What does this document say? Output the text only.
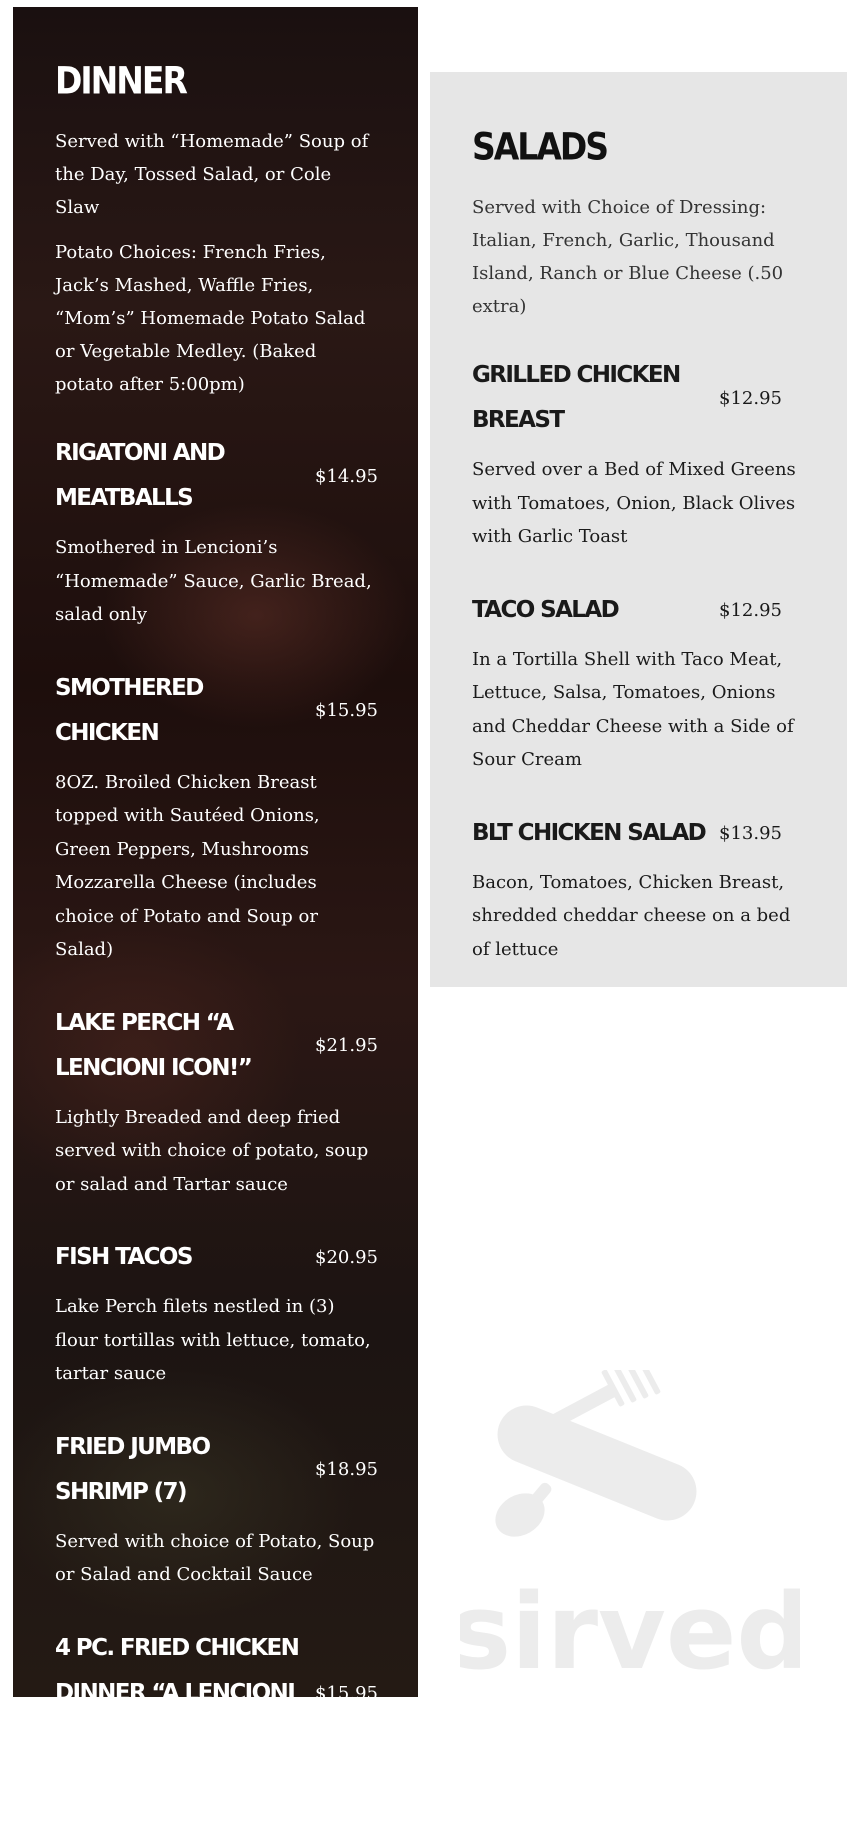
DINNER

Served with “Homemade” Soup of the Day, Tossed Salad, or Cole Slaw

Potato Choices: French Fries, Jack’s Mashed, Waffle Fries, “Mom’s” Homemade Potato Salad or Vegetable Medley. (Baked potato after 5:00pm)

RIGATONI AND MEATBALLS
$14.95
Smothered in Lencioni’s “Homemade” Sauce, Garlic Bread, salad only
SMOTHERED CHICKEN
$15.95
8OZ. Broiled Chicken Breast topped with Sautéed Onions, Green Peppers, Mushrooms Mozzarella Cheese (includes choice of Potato and Soup or Salad)
LAKE PERCH “A LENCIONI ICON!”
$21.95
Lightly Breaded and deep fried served with choice of potato, soup or salad and Tartar sauce
FISH TACOS	$20.95
Lake Perch filets nestled in (3) flour tortillas with lettuce, tomato, tartar sauce
FRIED JUMBO SHRIMP (7)
$18.95
Served with choice of Potato, Soup or Salad and Cocktail Sauce
4 PC. FRIED CHICKEN DINNER “A LENCIONI SPECIALTY!”
$15.95
Served with choice of Potato and Soup or Salad
SALADS

Served with Choice of Dressing: Italian, French, Garlic, Thousand Island, Ranch or Blue Cheese (.50 extra)

GRILLED CHICKEN BREAST
$12.95
Served over a Bed of Mixed Greens with Tomatoes, Onion, Black Olives with Garlic Toast
TACO SALAD	$12.95
In a Tortilla Shell with Taco Meat, Lettuce, Salsa, Tomatoes, Onions and Cheddar Cheese with a Side of Sour Cream
BLT CHICKEN SALAD $13.95
Bacon, Tomatoes, Chicken Breast, shredded cheddar cheese on a bed of lettuce
sirved
